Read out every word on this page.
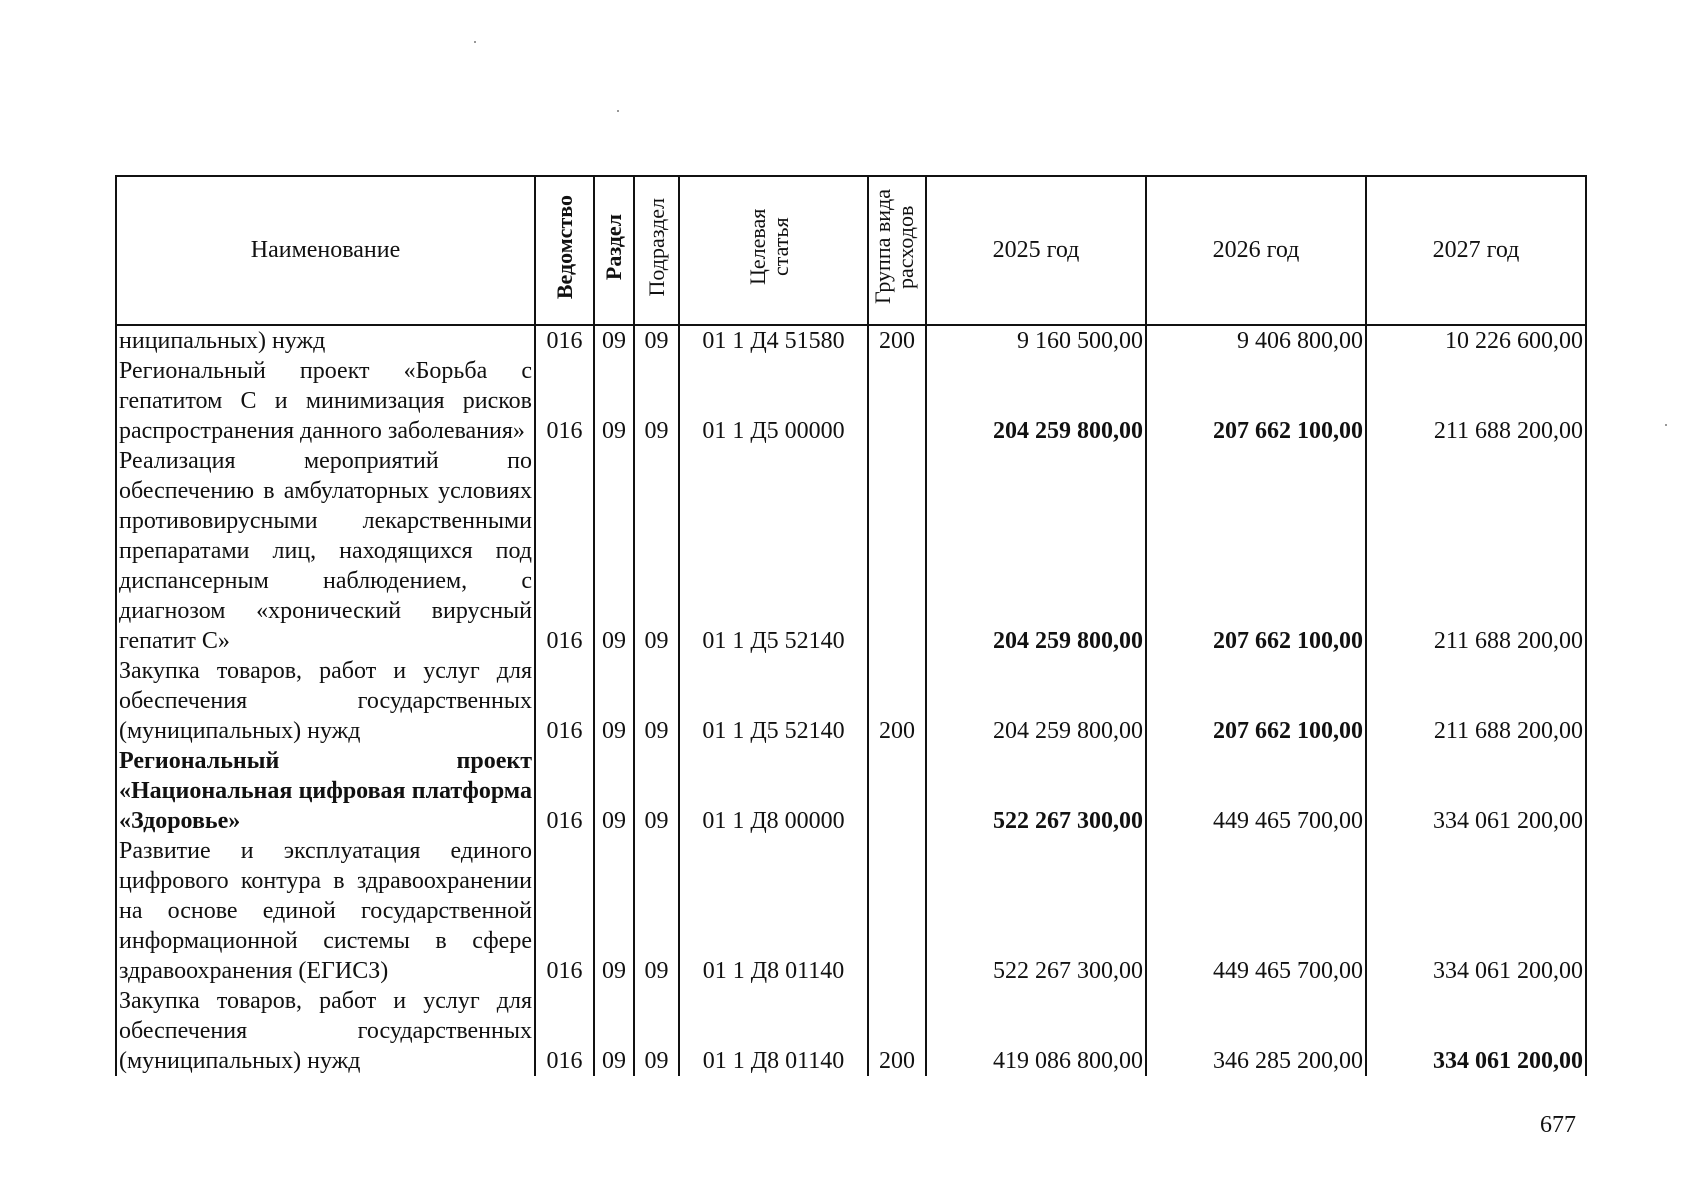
Наименование	Ведомство	Раздел	Подраздел	Целевая статья	Группа вида расходов	2025 год	2026 год	2027 год
ниципальных) нужд	016	09	09	01 1 Д4 51580	200	9 160 500,00	9 406 800,00	10 226 600,00
Региональный проект «Борьба с гепатитом С и минимизация рисков распространения данного заболевания»	016	09	09	01 1 Д5 00000		204 259 800,00	207 662 100,00	211 688 200,00
Реализация мероприятий по обеспечению в амбулаторных условиях противовирусными лекарственными препаратами лиц, находящихся под диспансерным наблюдением, с диагнозом «хронический вирусный гепатит С»	016	09	09	01 1 Д5 52140		204 259 800,00	207 662 100,00	211 688 200,00
Закупка товаров, работ и услуг для обеспечения государственных (муниципальных) нужд	016	09	09	01 1 Д5 52140	200	204 259 800,00	207 662 100,00	211 688 200,00
Региональный проект «Национальная цифровая платформа «Здоровье»	016	09	09	01 1 Д8 00000		522 267 300,00	449 465 700,00	334 061 200,00
Развитие и эксплуатация единого цифрового контура в здравоохранении на основе единой государственной информационной системы в сфере здравоохранения (ЕГИСЗ)	016	09	09	01 1 Д8 01140		522 267 300,00	449 465 700,00	334 061 200,00
Закупка товаров, работ и услуг для обеспечения государственных (муниципальных) нужд	016	09	09	01 1 Д8 01140	200	419 086 800,00	346 285 200,00	334 061 200,00
677
